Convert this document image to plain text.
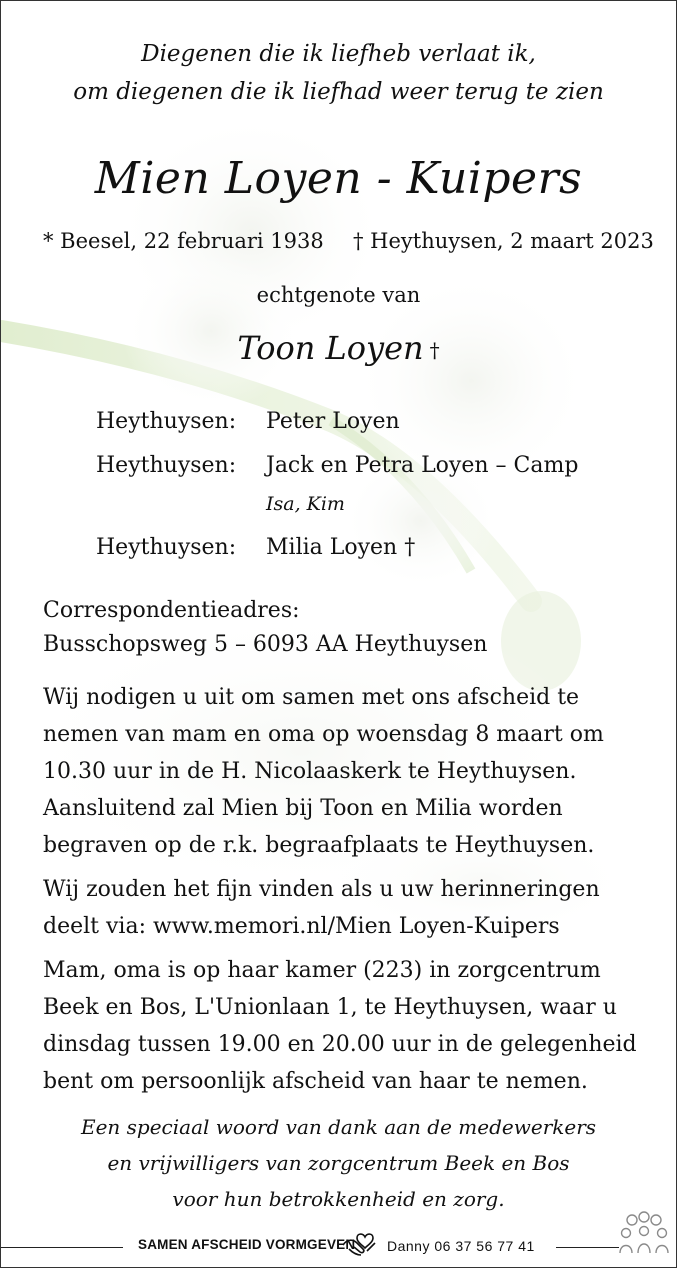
Diegenen die ik liefheb verlaat ik,
om diegenen die ik liefhad weer terug te zien
Mien Loyen - Kuipers
* Beesel, 22 februari 1938 † Heythuysen, 2 maart 2023
echtgenote van
Toon Loyen †
Heythuysen: Peter Loyen
Heythuysen: Jack en Petra Loyen – Camp
Isa, Kim
Heythuysen: Milia Loyen †
Correspondentieadres:
Busschopsweg 5 – 6093 AA Heythuysen
Wij nodigen u uit om samen met ons afscheid te
nemen van mam en oma op woensdag 8 maart om
10.30 uur in de H. Nicolaaskerk te Heythuysen.
Aansluitend zal Mien bij Toon en Milia worden
begraven op de r.k. begraafplaats te Heythuysen.
Wij zouden het fijn vinden als u uw herinneringen
deelt via: www.memori.nl/Mien Loyen-Kuipers
Mam, oma is op haar kamer (223) in zorgcentrum
Beek en Bos, L'Unionlaan 1, te Heythuysen, waar u
dinsdag tussen 19.00 en 20.00 uur in de gelegenheid
bent om persoonlijk afscheid van haar te nemen.
Een speciaal woord van dank aan de medewerkers
en vrijwilligers van zorgcentrum Beek en Bos
voor hun betrokkenheid en zorg.
SAMEN AFSCHEID VORMGEVEN Danny 06 37 56 77 41
